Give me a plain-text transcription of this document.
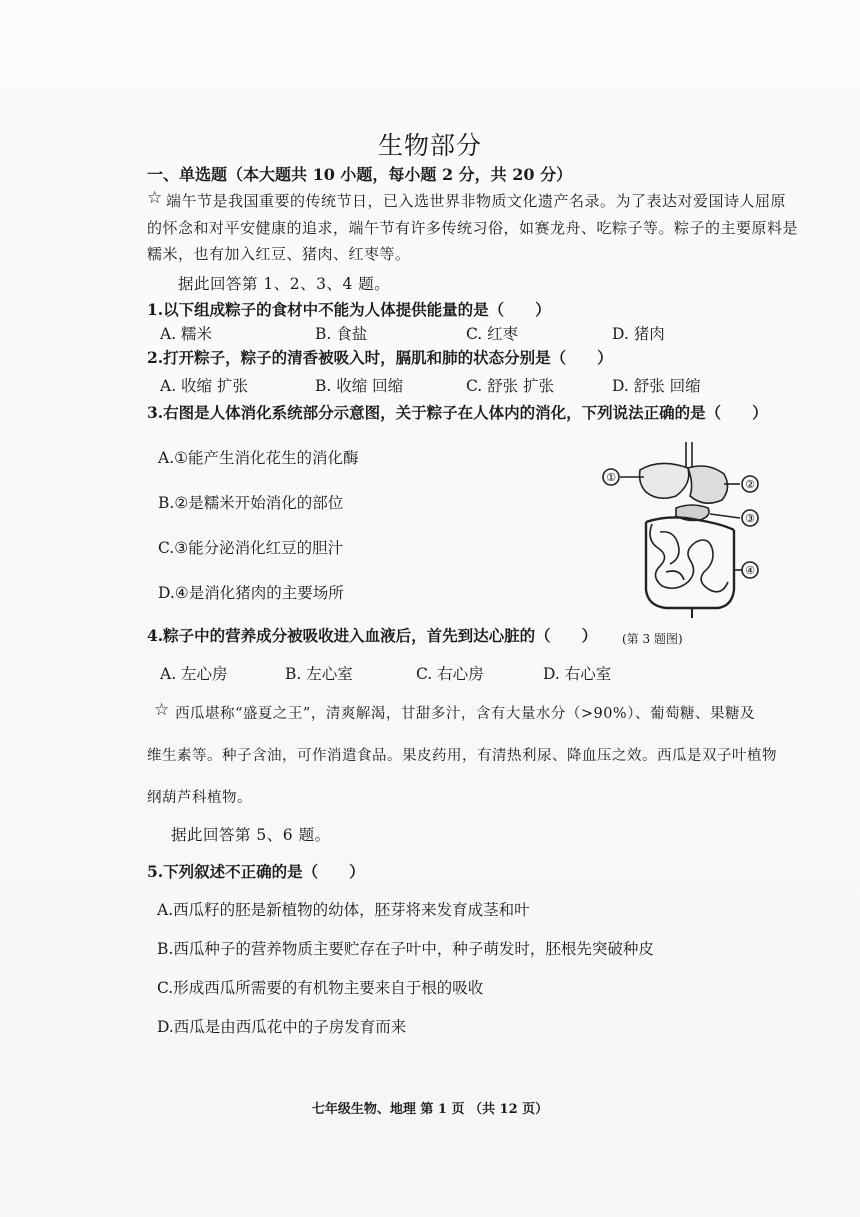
生物部分
一、单选题（本大题共 10 小题，每小题 2 分，共 20 分）
☆ 端午节是我国重要的传统节日，已入选世界非物质文化遗产名录。为了表达对爱国诗人屈原
的怀念和对平安健康的追求，端午节有许多传统习俗，如赛龙舟、吃粽子等。粽子的主要原料是
糯米，也有加入红豆、猪肉、红枣等。
据此回答第 1、2、3、4 题。
1.以下组成粽子的食材中不能为人体提供能量的是（　　）
A. 糯米	B. 食盐	C. 红枣	D. 猪肉
2.打开粽子，粽子的清香被吸入时，膈肌和肺的状态分别是（　　）
A. 收缩 扩张	B. 收缩 回缩	C. 舒张 扩张	D. 舒张 回缩
3.右图是人体消化系统部分示意图，关于粽子在人体内的消化，下列说法正确的是（　　）
A.①能产生消化花生的消化酶
B.②是糯米开始消化的部位
C.③能分泌消化红豆的胆汁
D.④是消化猪肉的主要场所
①
②
③
④
(第 3 题图)
4.粽子中的营养成分被吸收进入血液后，首先到达心脏的（　　）
A. 左心房	B. 左心室	C. 右心房	D. 右心室
☆ 西瓜堪称“盛夏之王”，清爽解渴，甘甜多汁，含有大量水分（>90%）、葡萄糖、果糖及
维生素等。种子含油，可作消遣食品。果皮药用，有清热利尿、降血压之效。西瓜是双子叶植物
纲葫芦科植物。
据此回答第 5、6 题。
5.下列叙述不正确的是（　　）
A.西瓜籽的胚是新植物的幼体，胚芽将来发育成茎和叶
B.西瓜种子的营养物质主要贮存在子叶中，种子萌发时，胚根先突破种皮
C.形成西瓜所需要的有机物主要来自于根的吸收
D.西瓜是由西瓜花中的子房发育而来
七年级生物、地理 第 1 页 （共 12 页）
